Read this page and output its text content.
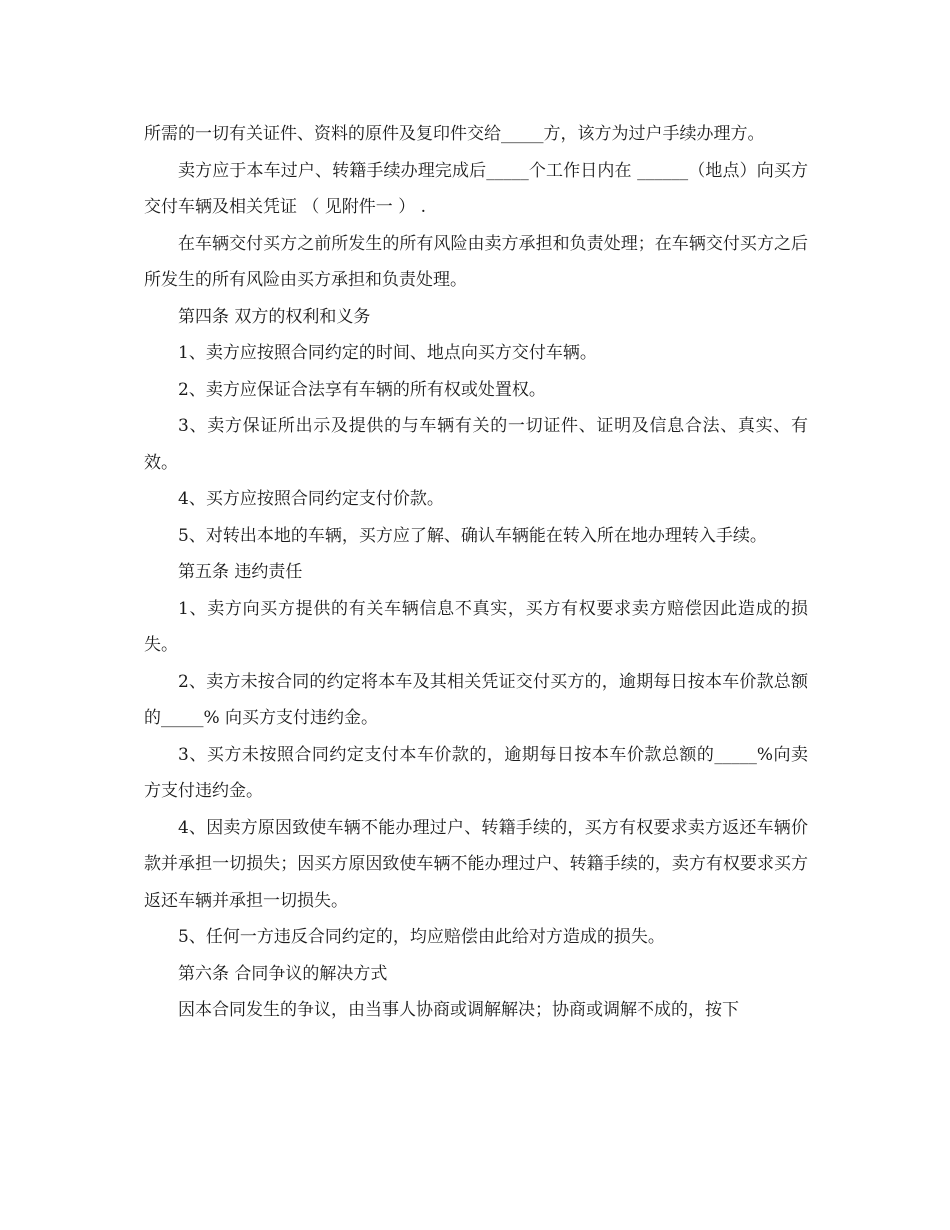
所需的一切有关证件、资料的原件及复印件交给_____方，该方为过户手续办理方。

卖方应于本车过户、转籍手续办理完成后_____个工作日内在 ______（地点）向买方交付车辆及相关凭证 （ 见附件一 ） .

在车辆交付买方之前所发生的所有风险由卖方承担和负责处理；在车辆交付买方之后所发生的所有风险由买方承担和负责处理。

第四条 双方的权利和义务

1、卖方应按照合同约定的时间、地点向买方交付车辆。

2、卖方应保证合法享有车辆的所有权或处置权。

3、卖方保证所出示及提供的与车辆有关的一切证件、证明及信息合法、真实、有效。

4、买方应按照合同约定支付价款。

5、对转出本地的车辆，买方应了解、确认车辆能在转入所在地办理转入手续。

第五条 违约责任

1、卖方向买方提供的有关车辆信息不真实，买方有权要求卖方赔偿因此造成的损失。

2、卖方未按合同的约定将本车及其相关凭证交付买方的，逾期每日按本车价款总额的_____% 向买方支付违约金。

3、买方未按照合同约定支付本车价款的，逾期每日按本车价款总额的_____%向卖方支付违约金。

4、因卖方原因致使车辆不能办理过户、转籍手续的，买方有权要求卖方返还车辆价款并承担一切损失；因买方原因致使车辆不能办理过户、转籍手续的，卖方有权要求买方返还车辆并承担一切损失。

5、任何一方违反合同约定的，均应赔偿由此给对方造成的损失。

第六条 合同争议的解决方式

因本合同发生的争议，由当事人协商或调解解决；协商或调解不成的，按下
